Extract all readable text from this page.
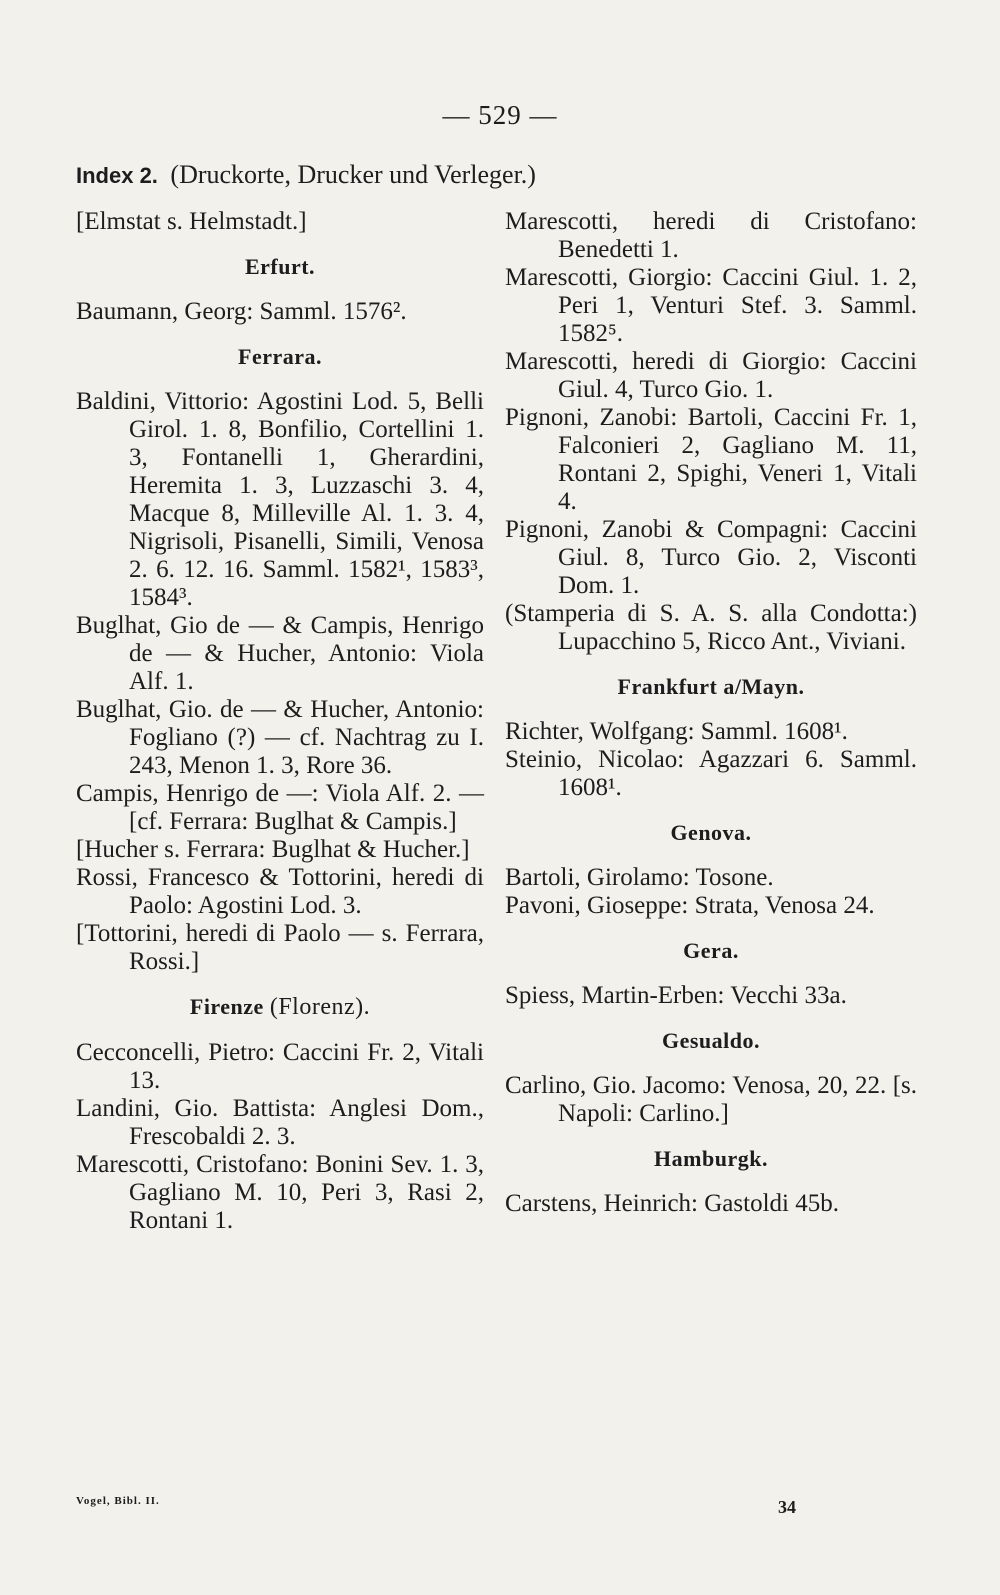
— 529 —
Index 2. (Druckorte, Drucker und Verleger.)

[Elmstat s. Helmstadt.]

Erfurt.

Baumann, Georg: Samml. 1576².

Ferrara.

Baldini, Vittorio: Agostini Lod. 5, Belli Girol. 1. 8, Bonfilio, Cortellini 1. 3, Fontanelli 1, Gherardini, Heremita 1. 3, Luzzaschi 3. 4, Macque 8, Milleville Al. 1. 3. 4, Nigrisoli, Pisanelli, Simili, Venosa 2. 6. 12. 16. Samml. 1582¹, 1583³, 1584³.

Buglhat, Gio de — & Campis, Henrigo de — & Hucher, Antonio: Viola Alf. 1.

Buglhat, Gio. de — & Hucher, Antonio: Fogliano (?) — cf. Nachtrag zu I. 243, Menon 1. 3, Rore 36.

Campis, Henrigo de —: Viola Alf. 2. — [cf. Ferrara: Buglhat & Campis.]

[Hucher s. Ferrara: Buglhat & Hucher.]

Rossi, Francesco & Tottorini, heredi di Paolo: Agostini Lod. 3.

[Tottorini, heredi di Paolo — s. Ferrara, Rossi.]

Firenze (Florenz).

Cecconcelli, Pietro: Caccini Fr. 2, Vitali 13.

Landini, Gio. Battista: Anglesi Dom., Frescobaldi 2. 3.

Marescotti, Cristofano: Bonini Sev. 1. 3, Gagliano M. 10, Peri 3, Rasi 2, Rontani 1.

Marescotti, heredi di Cristofano: Benedetti 1.

Marescotti, Giorgio: Caccini Giul. 1. 2, Peri 1, Venturi Stef. 3. Samml. 1582⁵.

Marescotti, heredi di Giorgio: Caccini Giul. 4, Turco Gio. 1.

Pignoni, Zanobi: Bartoli, Caccini Fr. 1, Falconieri 2, Gagliano M. 11, Rontani 2, Spighi, Veneri 1, Vitali 4.

Pignoni, Zanobi & Compagni: Caccini Giul. 8, Turco Gio. 2, Visconti Dom. 1.

(Stamperia di S. A. S. alla Condotta:) Lupacchino 5, Ricco Ant., Viviani.

Frankfurt a/Mayn.

Richter, Wolfgang: Samml. 1608¹.

Steinio, Nicolao: Agazzari 6. Samml. 1608¹.

Genova.

Bartoli, Girolamo: Tosone.

Pavoni, Gioseppe: Strata, Venosa 24.

Gera.

Spiess, Martin-Erben: Vecchi 33a.

Gesualdo.

Carlino, Gio. Jacomo: Venosa, 20, 22. [s. Napoli: Carlino.]

Hamburgk.

Carstens, Heinrich: Gastoldi 45b.

Vogel, Bibl. II.	34
